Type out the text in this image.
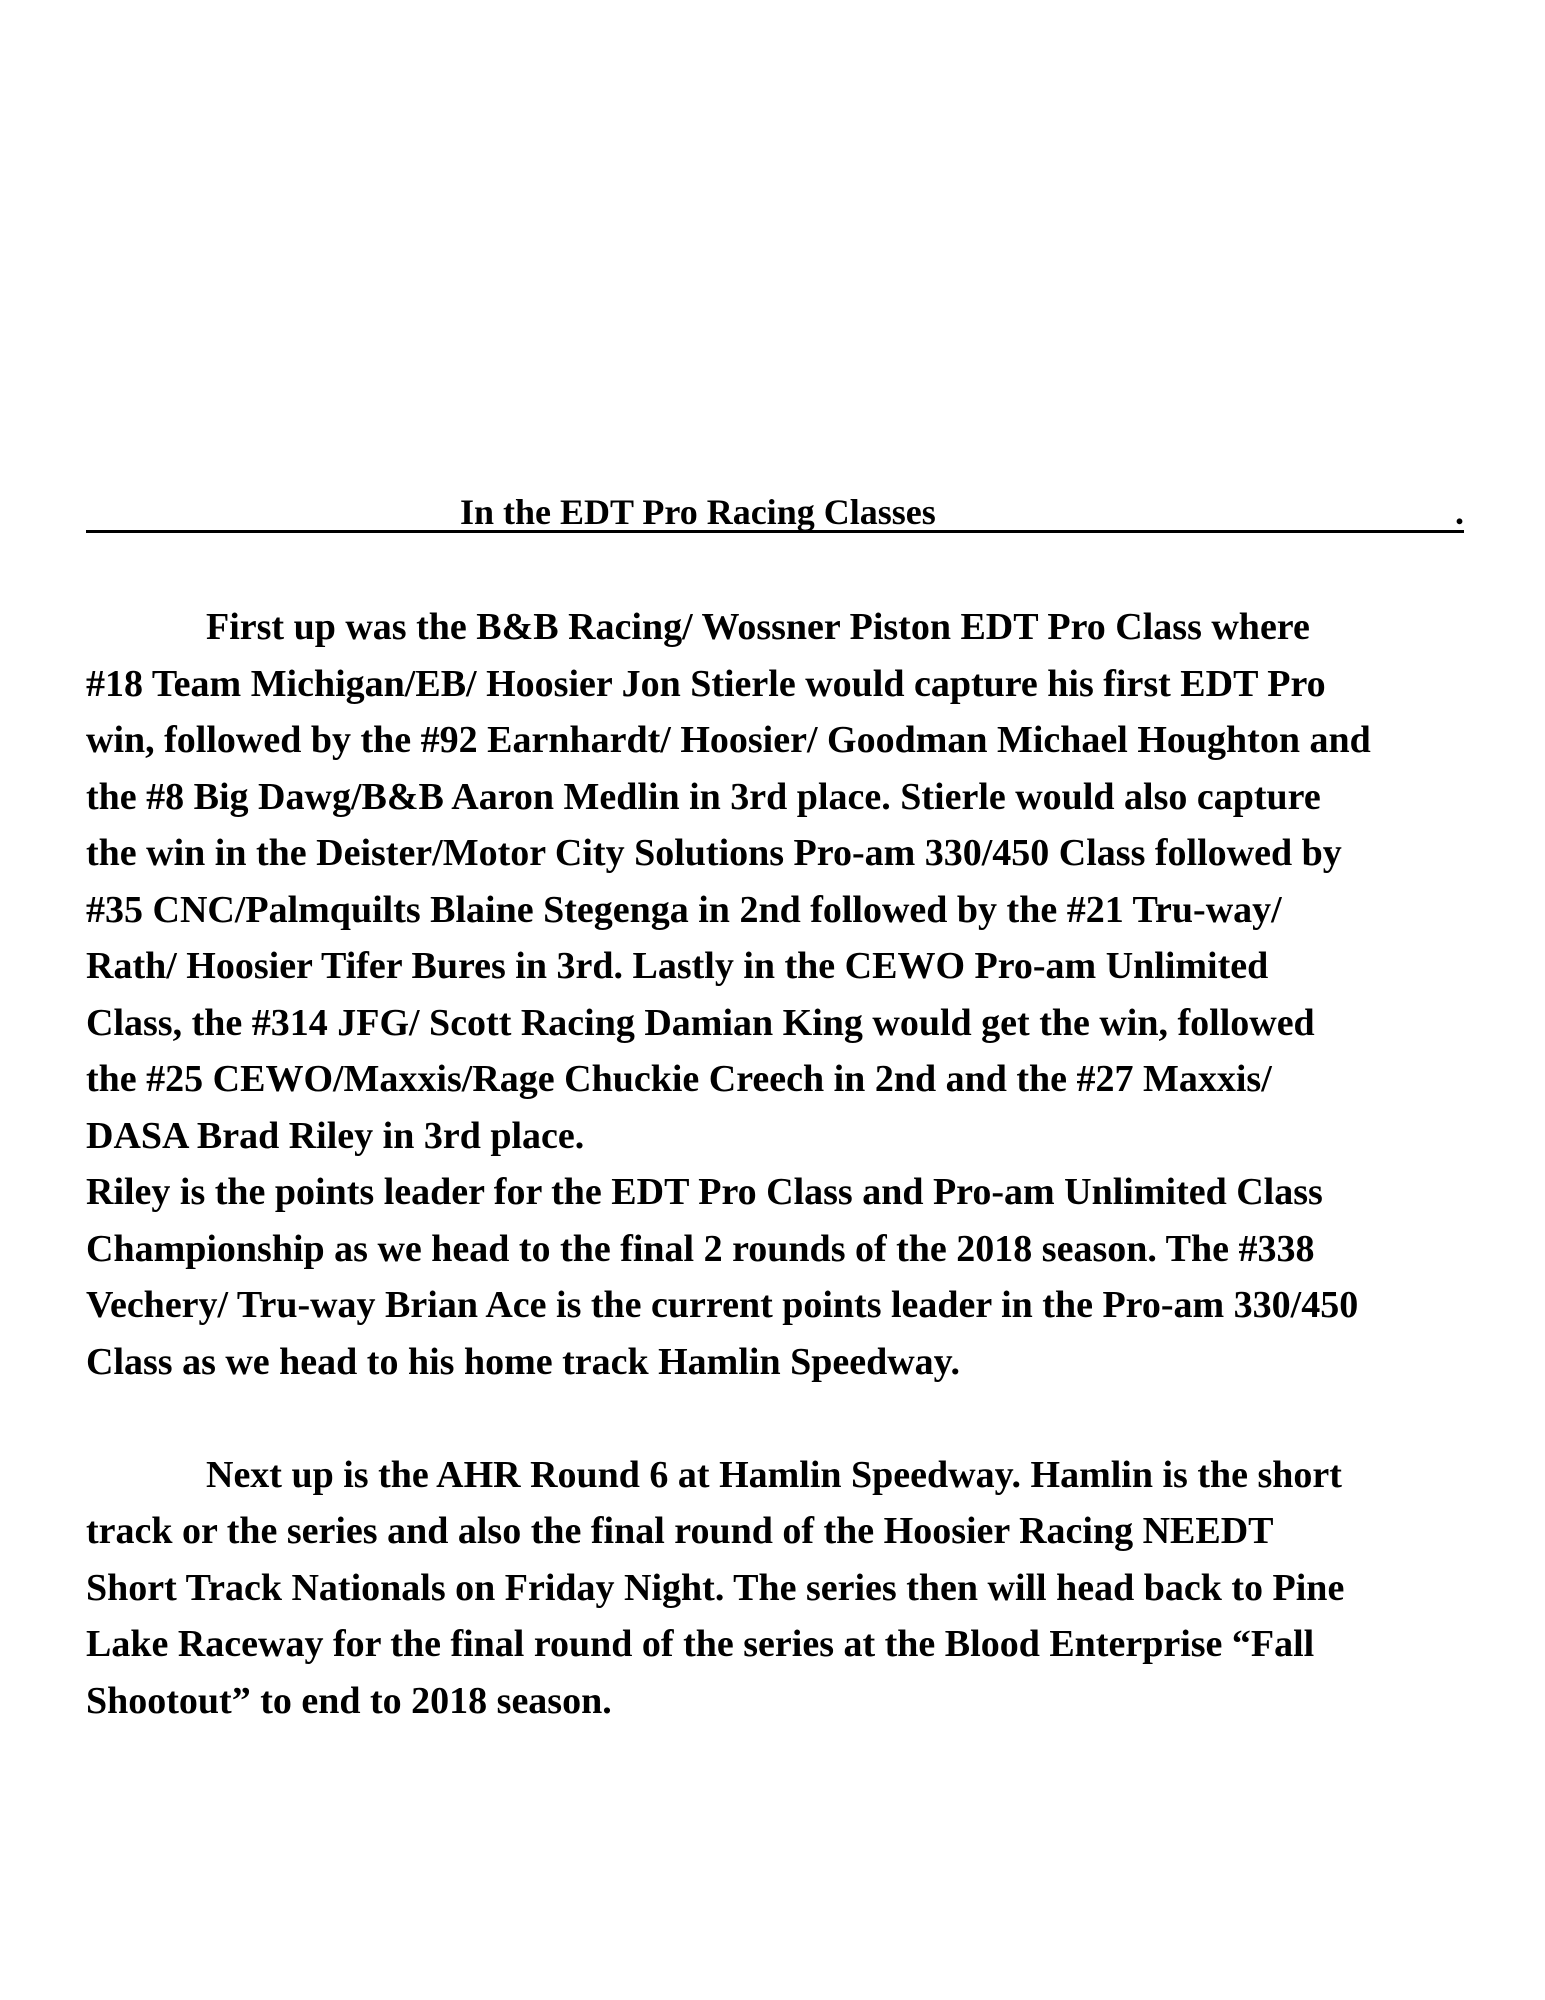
In the EDT Pro Racing Classes	.
First up was the B&B Racing/ Wossner Piston EDT Pro Class where
#18 Team Michigan/EB/ Hoosier Jon Stierle would capture his first EDT Pro
win, followed by the #92 Earnhardt/ Hoosier/ Goodman Michael Houghton and
the #8 Big Dawg/B&B Aaron Medlin in 3rd place. Stierle would also capture
the win in the Deister/Motor City Solutions Pro-am 330/450 Class followed by
#35 CNC/Palmquilts Blaine Stegenga in 2nd followed by the #21 Tru-way/
Rath/ Hoosier Tifer Bures in 3rd. Lastly in the CEWO Pro-am Unlimited
Class, the #314 JFG/ Scott Racing Damian King would get the win, followed
the #25 CEWO/Maxxis/Rage Chuckie Creech in 2nd and the #27 Maxxis/
DASA Brad Riley in 3rd place.
Riley is the points leader for the EDT Pro Class and Pro-am Unlimited Class
Championship as we head to the final 2 rounds of the 2018 season. The #338
Vechery/ Tru-way Brian Ace is the current points leader in the Pro-am 330/450
Class as we head to his home track Hamlin Speedway.
Next up is the AHR Round 6 at Hamlin Speedway. Hamlin is the short
track or the series and also the final round of the Hoosier Racing NEEDT
Short Track Nationals on Friday Night. The series then will head back to Pine
Lake Raceway for the final round of the series at the Blood Enterprise “Fall
Shootout” to end to 2018 season.
